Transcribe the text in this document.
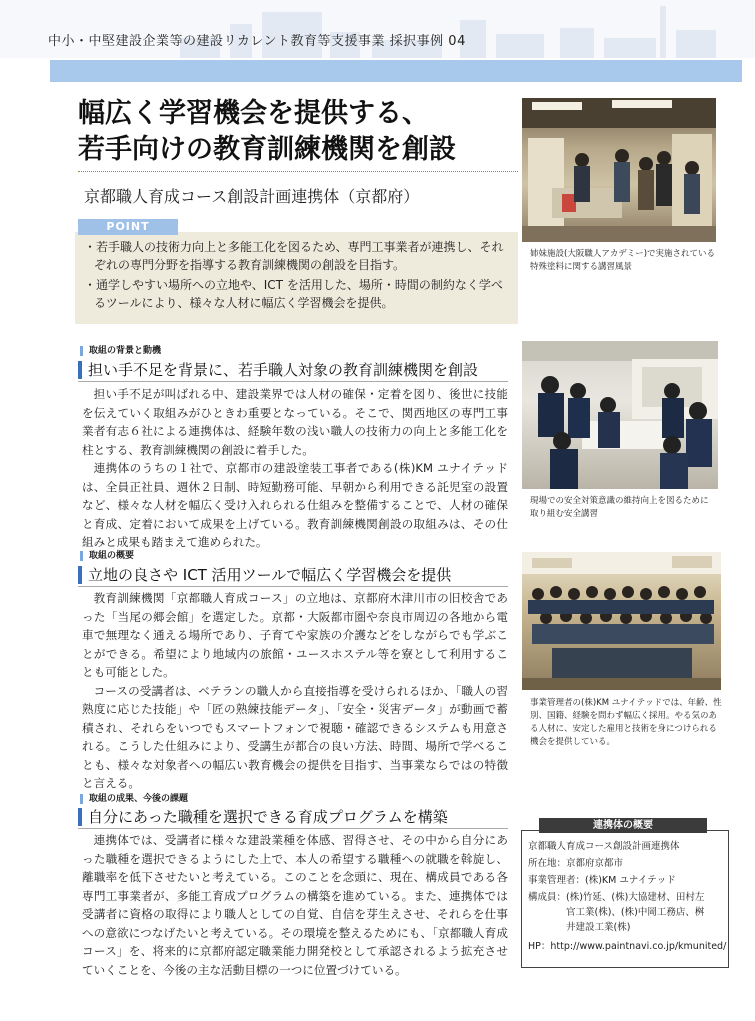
中小・中堅建設企業等の建設リカレント教育等支援事業 採択事例 04
幅広く学習機会を提供する、
若手向けの教育訓練機関を創設
京都職人育成コース創設計画連携体（京都府）
POINT
・若手職人の技術力向上と多能工化を図るため、専門工事業者が連携し、それぞれの専門分野を指導する教育訓練機関の創設を目指す。
・通学しやすい場所への立地や、ICT を活用した、場所・時間の制約なく学べるツールにより、様々な人材に幅広く学習機会を提供。
取組の背景と動機
担い手不足を背景に、若手職人対象の教育訓練機関を創設

担い手不足が叫ばれる中、建設業界では人材の確保・定着を図り、後世に技能を伝えていく取組みがひときわ重要となっている。そこで、関西地区の専門工事業者有志６社による連携体は、経験年数の浅い職人の技術力の向上と多能工化を柱とする、教育訓練機関の創設に着手した。

連携体のうちの１社で、京都市の建設塗装工事者である(株)KM ユナイテッドは、全員正社員、週休２日制、時短勤務可能、早朝から利用できる託児室の設置など、様々な人材を幅広く受け入れられる仕組みを整備することで、人材の確保と育成、定着において成果を上げている。教育訓練機関創設の取組みは、その仕組みと成果も踏まえて進められた。

取組の概要
立地の良さや ICT 活用ツールで幅広く学習機会を提供

教育訓練機関「京都職人育成コース」の立地は、京都府木津川市の旧校舎であった「当尾の郷会館」を選定した。京都・大阪都市圏や奈良市周辺の各地から電車で無理なく通える場所であり、子育てや家族の介護などをしながらでも学ぶことができる。希望により地域内の旅館・ユースホステル等を寮として利用することも可能とした。

コースの受講者は、ベテランの職人から直接指導を受けられるほか、「職人の習熟度に応じた技能」や「匠の熟練技能データ」、「安全・災害データ」が動画で蓄積され、それらをいつでもスマートフォンで視聴・確認できるシステムも用意される。こうした仕組みにより、受講生が都合の良い方法、時間、場所で学べることも、様々な対象者への幅広い教育機会の提供を目指す、当事業ならではの特徴と言える。

取組の成果、今後の課題
自分にあった職種を選択できる育成プログラムを構築

連携体では、受講者に様々な建設業種を体感、習得させ、その中から自分にあった職種を選択できるようにした上で、本人の希望する職種への就職を斡旋し、離職率を低下させたいと考えている。このことを念頭に、現在、構成員である各専門工事業者が、多能工育成プログラムの構築を進めている。また、連携体では受講者に資格の取得により職人としての自覚、自信を芽生えさせ、それらを仕事への意欲につなげたいと考えている。その環境を整えるためにも、「京都職人育成コース」を、将来的に京都府認定職業能力開発校として承認されるよう拡充させていくことを、今後の主な活動目標の一つに位置づけている。

姉妹施設(大阪職人アカデミー)で実施されている特殊塗料に関する講習風景
現場での安全対策意識の維持向上を図るために取り組む安全講習
事業管理者の(株)KM ユナイテッドでは、年齢、性別、国籍、経験を問わず幅広く採用。やる気のある人材に、安定した雇用と技術を身につけられる機会を提供している。
連携体の概要
京都職人育成コース創設計画連携体
所在地：京都府京都市
事業管理者：(株)KM ユナイテッド
構成員：(株)竹延、(株)大協建材、田村左
　　　　官工業(株)、(株)中岡工務店、桝
　　　　井建設工業(株)
HP：http://www.paintnavi.co.jp/kmunited/
